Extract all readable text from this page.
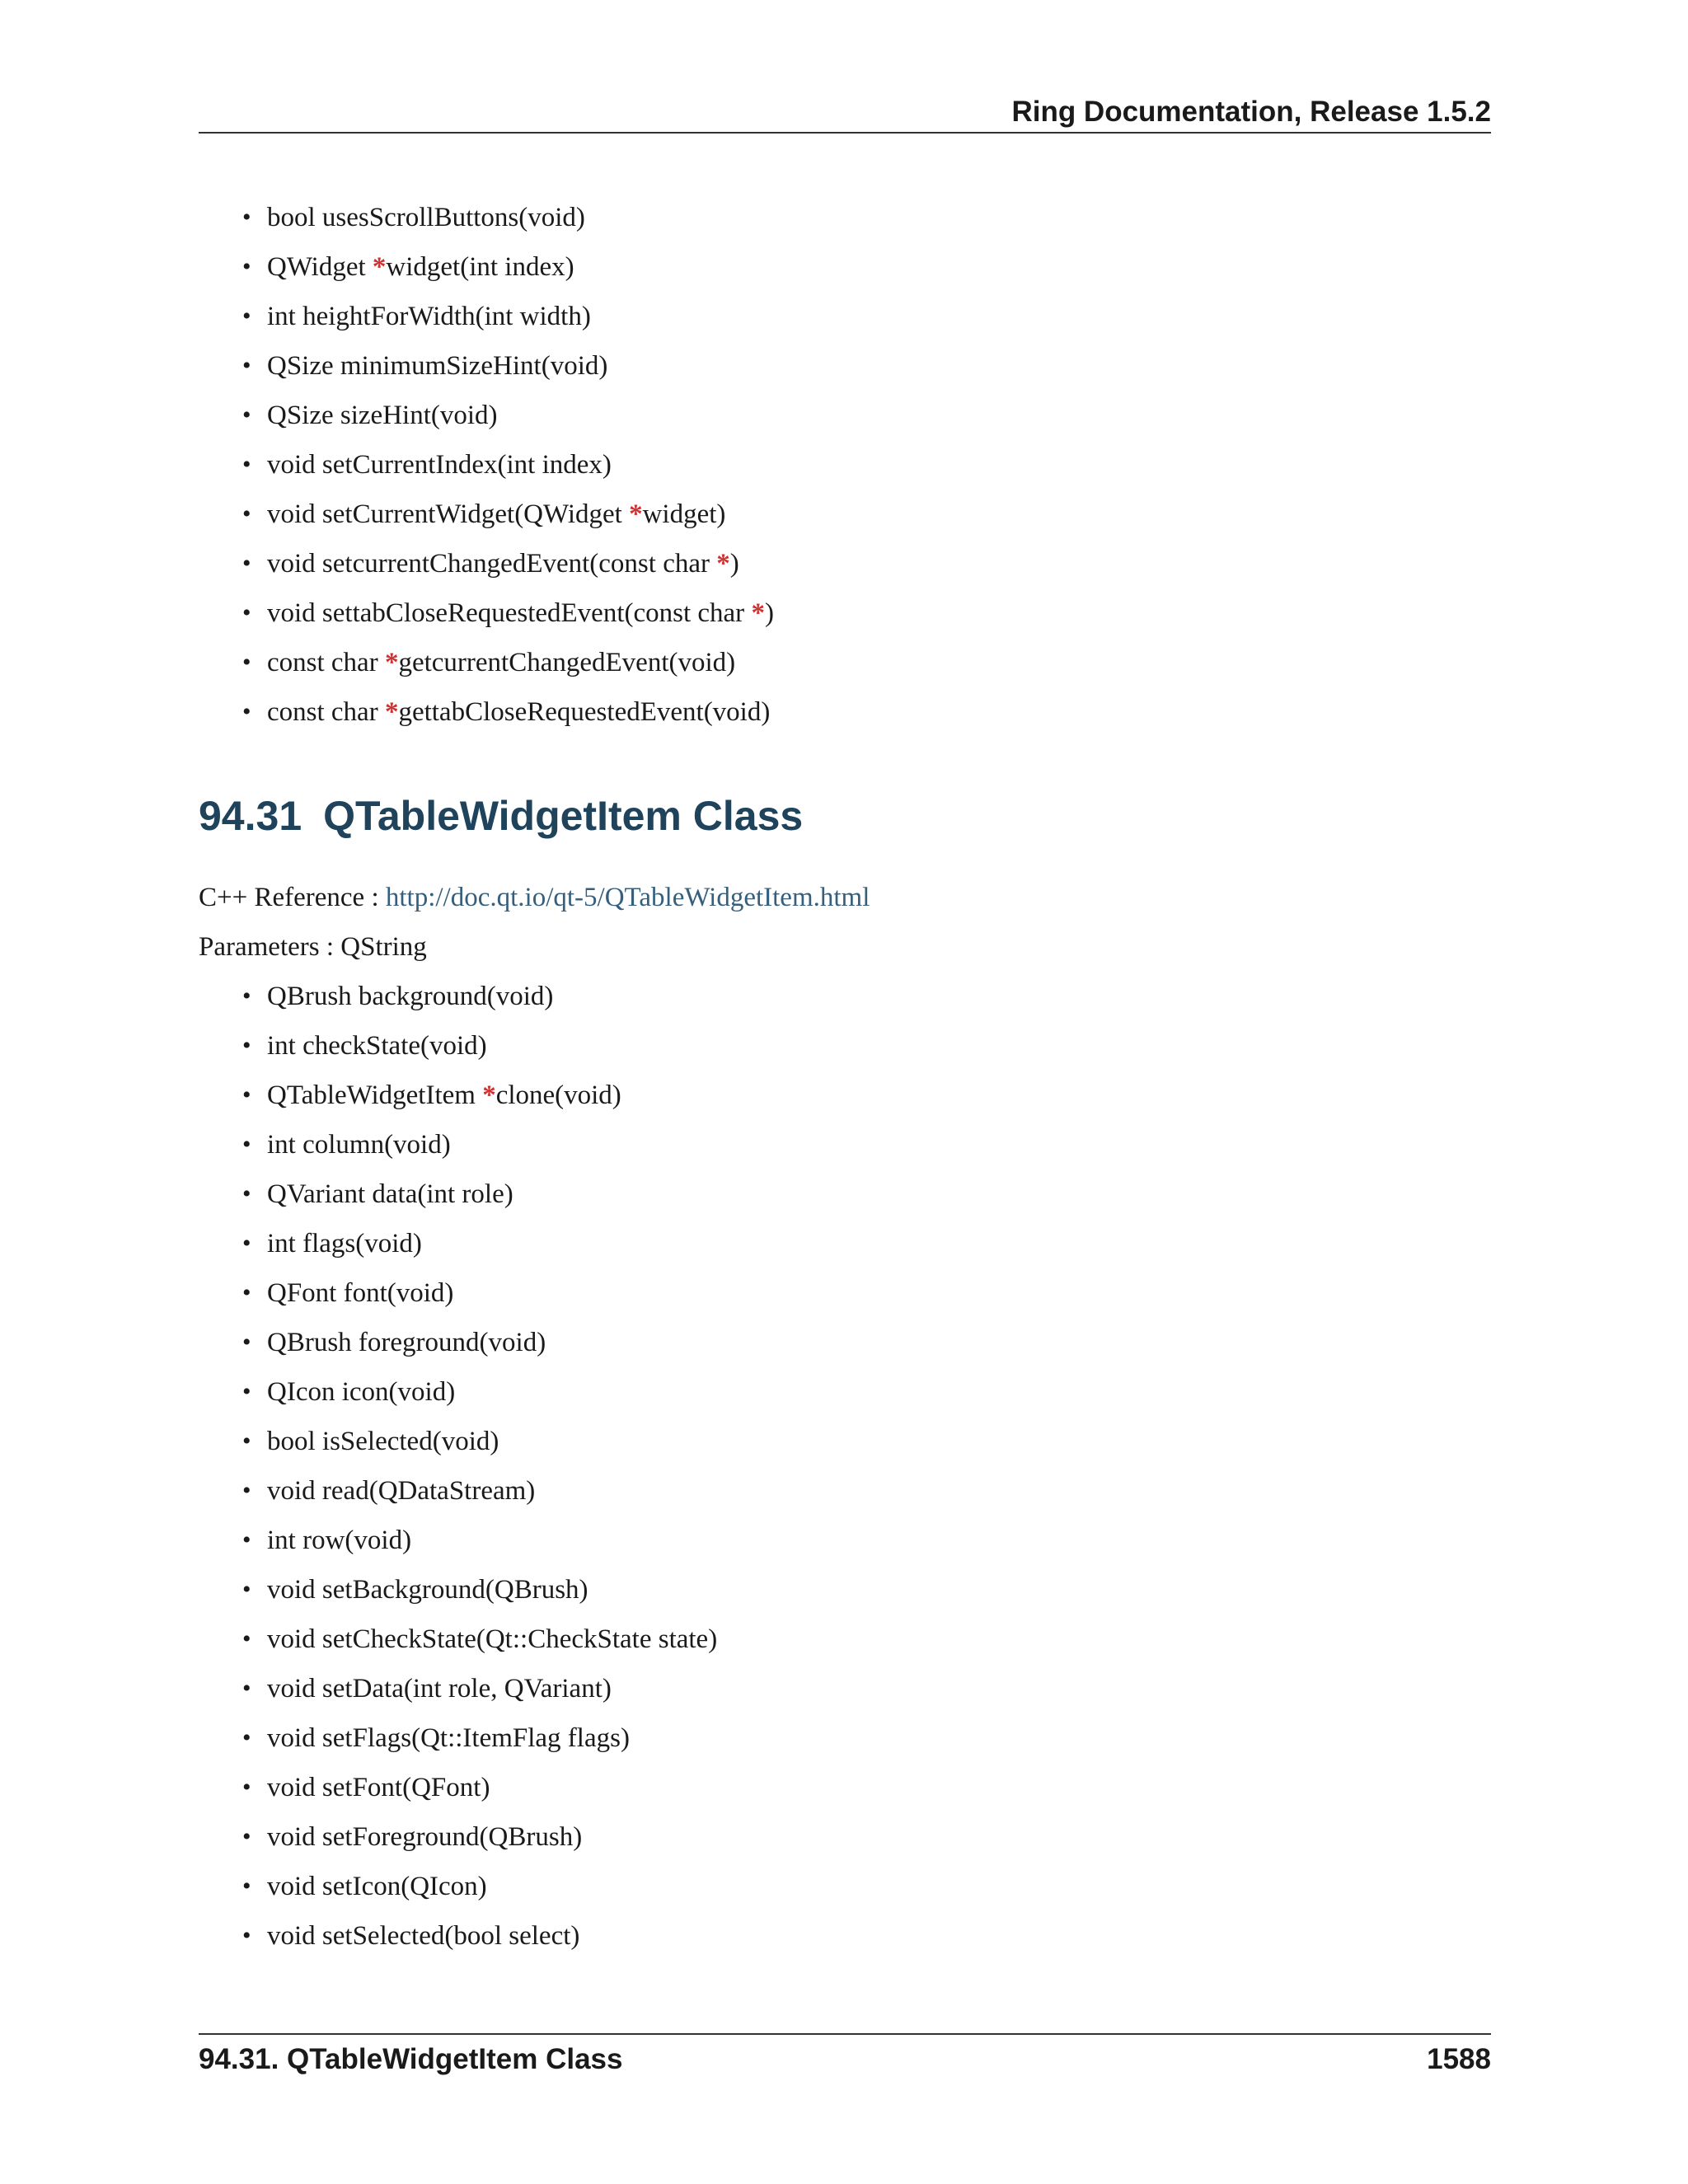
Ring Documentation, Release 1.5.2
• bool usesScrollButtons(void)
• QWidget *widget(int index)
• int heightForWidth(int width)
• QSize minimumSizeHint(void)
• QSize sizeHint(void)
• void setCurrentIndex(int index)
• void setCurrentWidget(QWidget *widget)
• void setcurrentChangedEvent(const char *)
• void settabCloseRequestedEvent(const char *)
• const char *getcurrentChangedEvent(void)
• const char *gettabCloseRequestedEvent(void)
94.31 QTableWidgetItem Class
C++ Reference : http://doc.qt.io/qt-5/QTableWidgetItem.html
Parameters : QString
• QBrush background(void)
• int checkState(void)
• QTableWidgetItem *clone(void)
• int column(void)
• QVariant data(int role)
• int flags(void)
• QFont font(void)
• QBrush foreground(void)
• QIcon icon(void)
• bool isSelected(void)
• void read(QDataStream)
• int row(void)
• void setBackground(QBrush)
• void setCheckState(Qt::CheckState state)
• void setData(int role, QVariant)
• void setFlags(Qt::ItemFlag flags)
• void setFont(QFont)
• void setForeground(QBrush)
• void setIcon(QIcon)
• void setSelected(bool select)
94.31. QTableWidgetItem Class	1588
